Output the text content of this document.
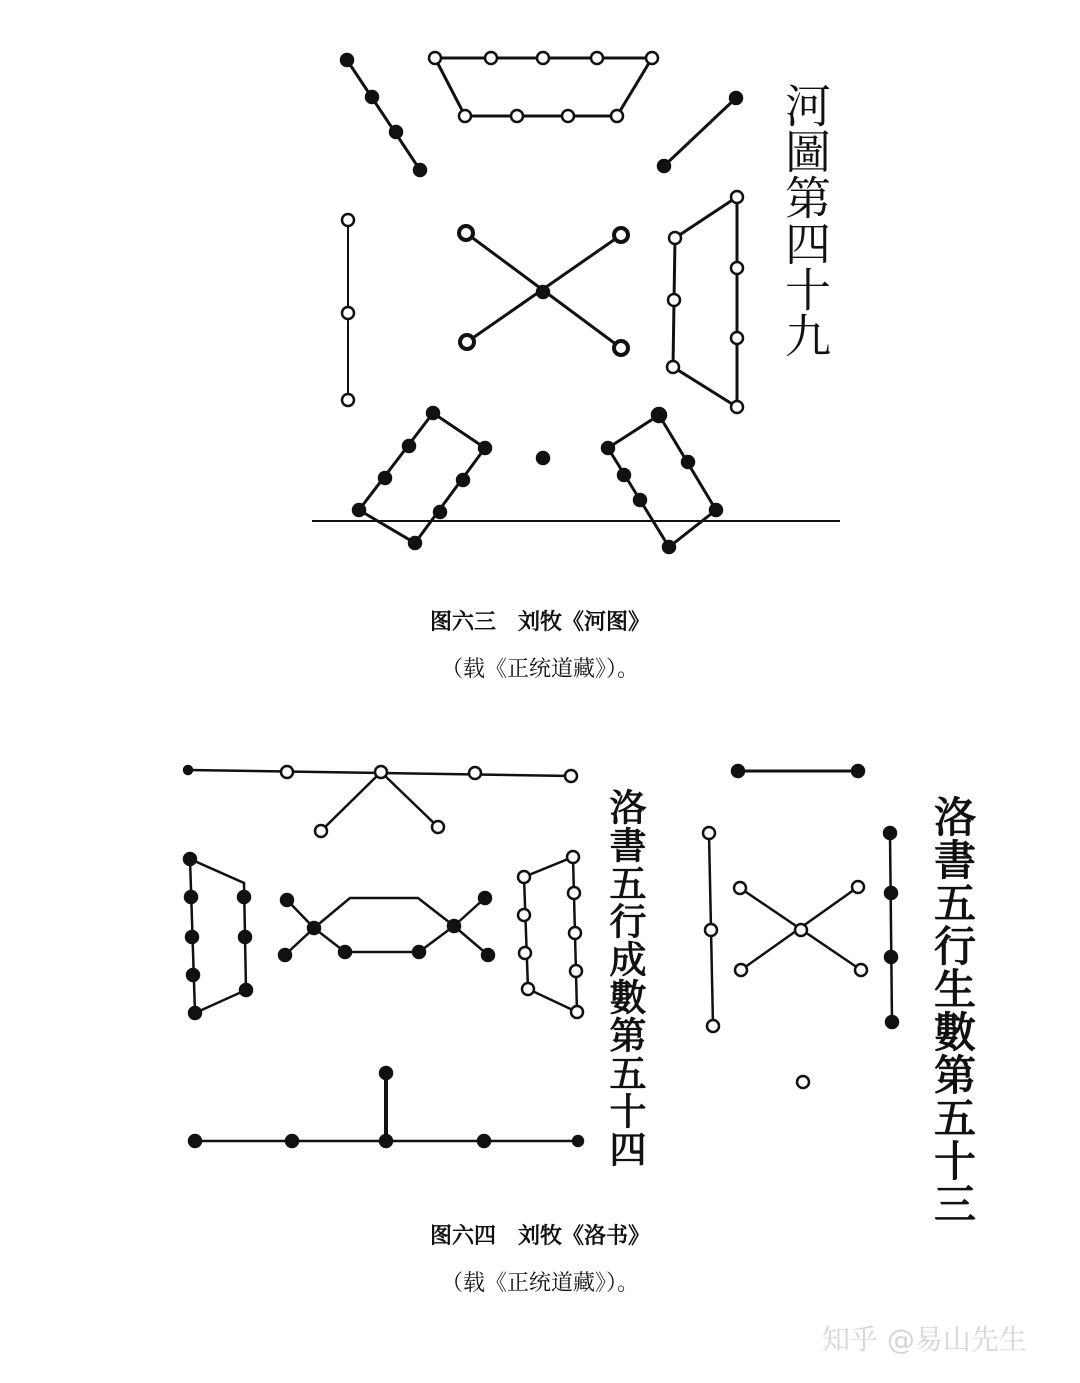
河圖第四十九
洛書五行成數第五十四	洛書五行生數第五十三
图六三　刘牧《河图》
（载《正统道藏》）。
图六四　刘牧《洛书》
（载《正统道藏》）。
知乎 @易山先生
